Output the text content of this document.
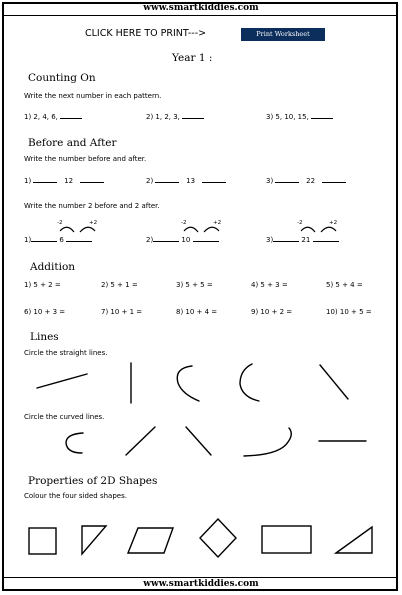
www.smartkiddies.com
CLICK HERE TO PRINT--->	Print Worksheet
Year 1 :
Counting On
Write the next number in each pattern.
1) 2, 4, 6,	2) 1, 2, 3,	3) 5, 10, 15,
Before and After
Write the number before and after.
1)	12	2)	13	3)	22
Write the number 2 before and 2 after.
-2	+2	-2	+2	-2	+2
1)	6	2)	10	3)	21
Addition
1) 5 + 2 =	2) 5 + 1 =	3) 5 + 5 =	4) 5 + 3 =	5) 5 + 4 =
6) 10 + 3 =	7) 10 + 1 =	8) 10 + 4 =	9) 10 + 2 =	10) 10 + 5 =
Lines
Circle the straight lines.
Circle the curved lines.
Properties of 2D Shapes
Colour the four sided shapes.
www.smartkiddies.com
